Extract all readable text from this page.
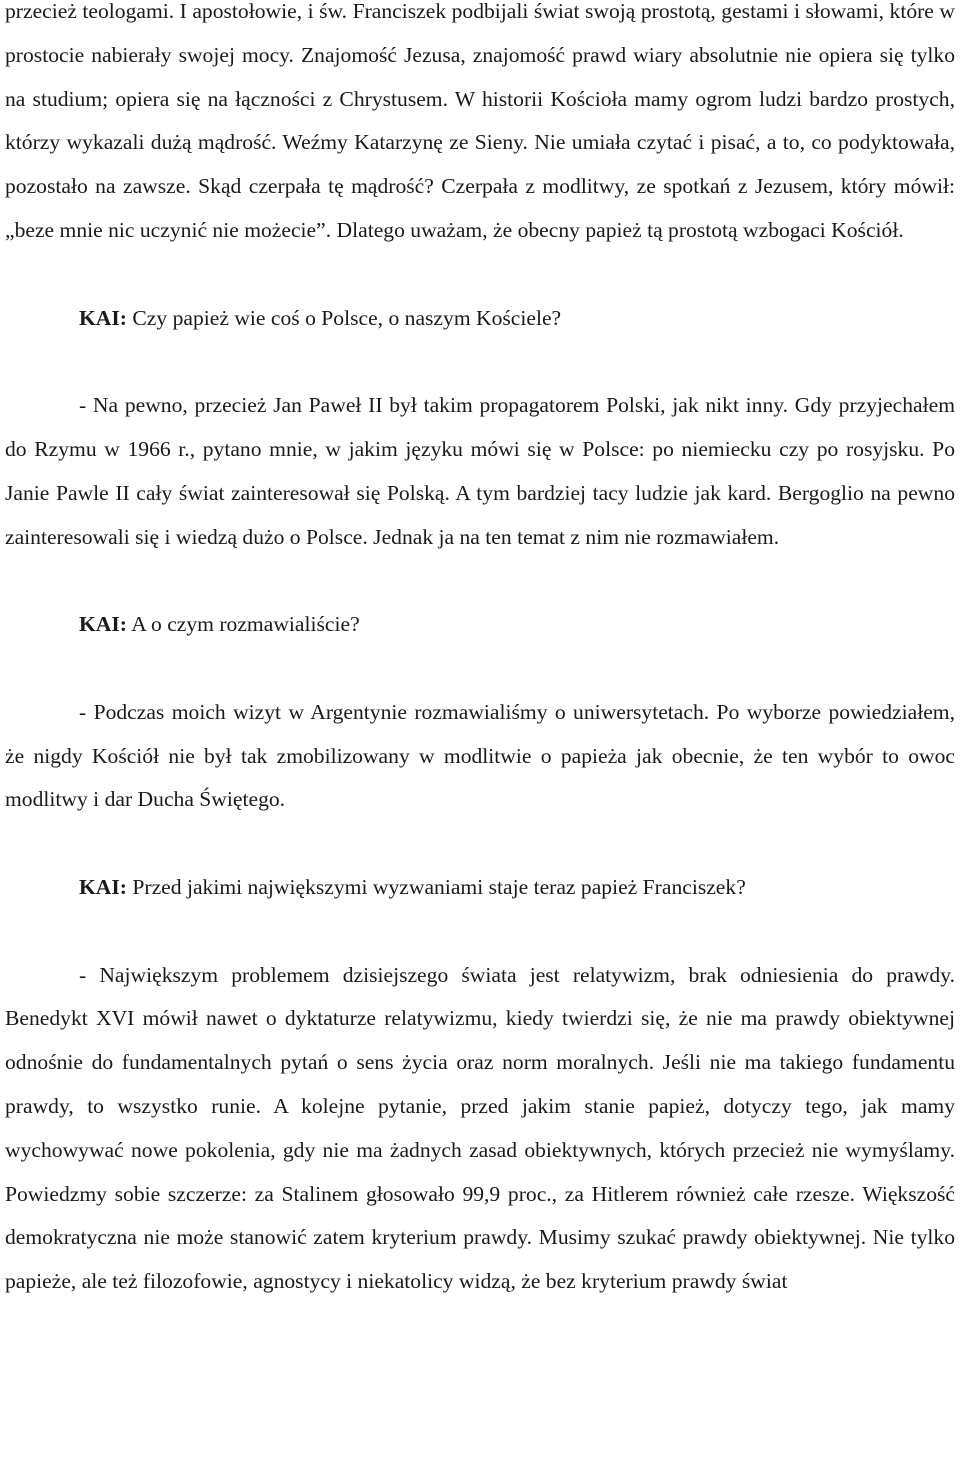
przecież teologami. I apostołowie, i św. Franciszek podbijali świat swoją prostotą, gestami i słowami, które w prostocie nabierały swojej mocy. Znajomość Jezusa, znajomość prawd wiary absolutnie nie opiera się tylko na studium; opiera się na łączności z Chrystusem. W historii Kościoła mamy ogrom ludzi bardzo prostych, którzy wykazali dużą mądrość. Weźmy Katarzynę ze Sieny. Nie umiała czytać i pisać, a to, co podyktowała, pozostało na zawsze. Skąd czerpała tę mądrość? Czerpała z modlitwy, ze spotkań z Jezusem, który mówił: „beze mnie nic uczynić nie możecie”. Dlatego uważam, że obecny papież tą prostotą wzbogaci Kościół.

KAI: Czy papież wie coś o Polsce, o naszym Kościele?

- Na pewno, przecież Jan Paweł II był takim propagatorem Polski, jak nikt inny. Gdy przyjechałem do Rzymu w 1966 r., pytano mnie, w jakim języku mówi się w Polsce: po niemiecku czy po rosyjsku. Po Janie Pawle II cały świat zainteresował się Polską. A tym bardziej tacy ludzie jak kard. Bergoglio na pewno zainteresowali się i wiedzą dużo o Polsce. Jednak ja na ten temat z nim nie rozmawiałem.

KAI: A o czym rozmawialiście?

- Podczas moich wizyt w Argentynie rozmawialiśmy o uniwersytetach. Po wyborze powiedziałem, że nigdy Kościół nie był tak zmobilizowany w modlitwie o papieża jak obecnie, że ten wybór to owoc modlitwy i dar Ducha Świętego.

KAI: Przed jakimi największymi wyzwaniami staje teraz papież Franciszek?

- Największym problemem dzisiejszego świata jest relatywizm, brak odniesienia do prawdy. Benedykt XVI mówił nawet o dyktaturze relatywizmu, kiedy twierdzi się, że nie ma prawdy obiektywnej odnośnie do fundamentalnych pytań o sens życia oraz norm moralnych. Jeśli nie ma takiego fundamentu prawdy, to wszystko runie. A kolejne pytanie, przed jakim stanie papież, dotyczy tego, jak mamy wychowywać nowe pokolenia, gdy nie ma żadnych zasad obiektywnych, których przecież nie wymyślamy. Powiedzmy sobie szczerze: za Stalinem głosowało 99,9 proc., za Hitlerem również całe rzesze. Większość demokratyczna nie może stanowić zatem kryterium prawdy. Musimy szukać prawdy obiektywnej. Nie tylko papieże, ale też filozofowie, agnostycy i niekatolicy widzą, że bez kryterium prawdy świat
